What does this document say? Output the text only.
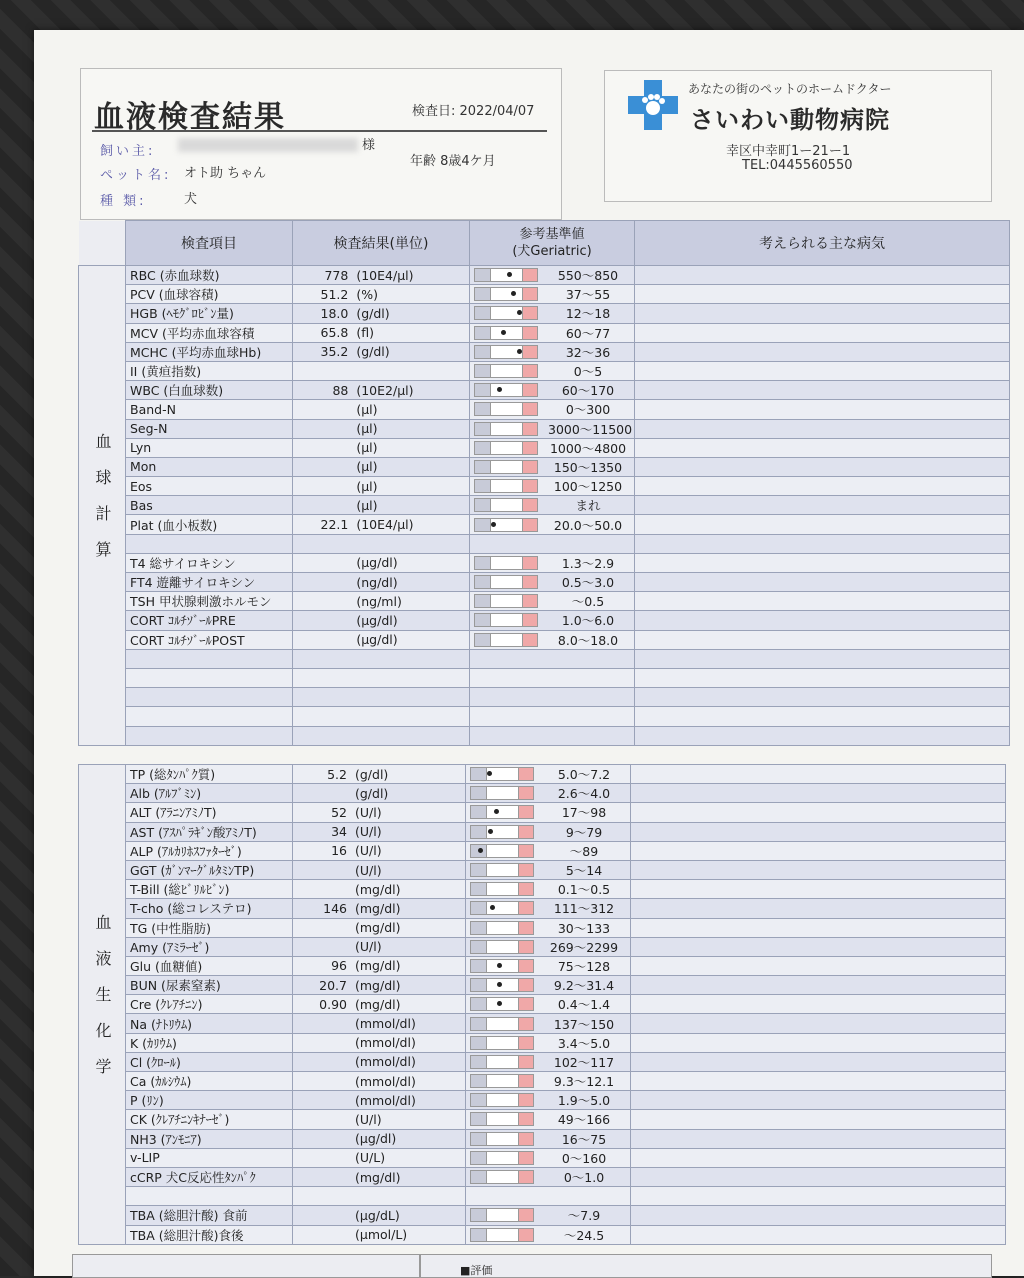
血液検査結果	検査日: 2022/04/07
飼い主:	様
ペット名: オト助 ちゃん
年齢 8歳4ケ月
種 類:	犬
あなたの街のペットのホームドクター
さいわい動物病院
幸区中幸町1ー21ー1
TEL:0445560550
	検査項目	検査結果(単位)		参考基準値
(犬Geriatric)	考えられる主な病気

血球計算	RBC (赤血球数)	778	(10E4/μl)	550〜850	

	PCV (血球容積)	51.2	(%)	37〜55	

	HGB (ﾍﾓｸﾞﾛﾋﾞﾝ量)	18.0	(g/dl)	12〜18	

	MCV (平均赤血球容積	65.8	(fl)	60〜77	

	MCHC (平均赤血球Hb)	35.2	(g/dl)	32〜36	

	II (黄疸指数)			0〜5	

	WBC (白血球数)	88	(10E2/μl)	60〜170	

	Band-N		(μl)	0〜300	

	Seg-N		(μl)	3000〜11500	

	Lyn		(μl)	1000〜4800	

	Mon		(μl)	150〜1350	

	Eos		(μl)	100〜1250	

	Bas		(μl)	まれ	

	Plat (血小板数)	22.1	(10E4/μl)	20.0〜50.0	

	T4 総サイロキシン		(μg/dl)	1.3〜2.9	

	FT4 遊離サイロキシン		(ng/dl)	0.5〜3.0	

	TSH 甲状腺刺激ホルモン		(ng/ml)	〜0.5	

	CORT ｺﾙﾁｿﾞｰﾙPRE		(μg/dl)	1.0〜6.0	

	CORT ｺﾙﾁｿﾞｰﾙPOST		(μg/dl)	8.0〜18.0	

血液生化学	TP (総ﾀﾝﾊﾟｸ質)	5.2	(g/dl)	5.0〜7.2	

	Alb (ｱﾙﾌﾞﾐﾝ)		(g/dl)	2.6〜4.0	

	ALT (ｱﾗﾆﾝｱﾐﾉT)	52	(U/l)	17〜98	

	AST (ｱｽﾊﾟﾗｷﾞﾝ酸ｱﾐﾉT)	34	(U/l)	9〜79	

	ALP (ｱﾙｶﾘﾎｽﾌｧﾀｰｾﾞ)	16	(U/l)	〜89	

	GGT (ｶﾞﾝﾏｰｸﾞﾙﾀﾐﾝTP)		(U/l)	5〜14	

	T-Bill (総ﾋﾞﾘﾙﾋﾞﾝ)		(mg/dl)	0.1〜0.5	

	T-cho (総コレステロ)	146	(mg/dl)	111〜312	

	TG (中性脂肪)		(mg/dl)	30〜133	

	Amy (ｱﾐﾗｰｾﾞ)		(U/l)	269〜2299	

	Glu (血糖値)	96	(mg/dl)	75〜128	

	BUN (尿素窒素)	20.7	(mg/dl)	9.2〜31.4	

	Cre (ｸﾚｱﾁﾆﾝ)	0.90	(mg/dl)	0.4〜1.4	

	Na (ﾅﾄﾘｳﾑ)		(mmol/dl)	137〜150	

	K (ｶﾘｳﾑ)		(mmol/dl)	3.4〜5.0	

	Cl (ｸﾛｰﾙ)		(mmol/dl)	102〜117	

	Ca (ｶﾙｼｳﾑ)		(mmol/dl)	9.3〜12.1	

	P (ﾘﾝ)		(mmol/dl)	1.9〜5.0	

	CK (ｸﾚｱﾁﾆﾝｷﾅｰｾﾞ)		(U/l)	49〜166	

	NH3 (ｱﾝﾓﾆｱ)		(μg/dl)	16〜75	

	v-LIP		(U/L)	0〜160	

	cCRP 犬C反応性ﾀﾝﾊﾟｸ		(mg/dl)	0〜1.0	

	TBA (総胆汁酸) 食前		(μg/dL)	〜7.9	

	TBA (総胆汁酸)食後		(μmol/L)	〜24.5	

■評価
